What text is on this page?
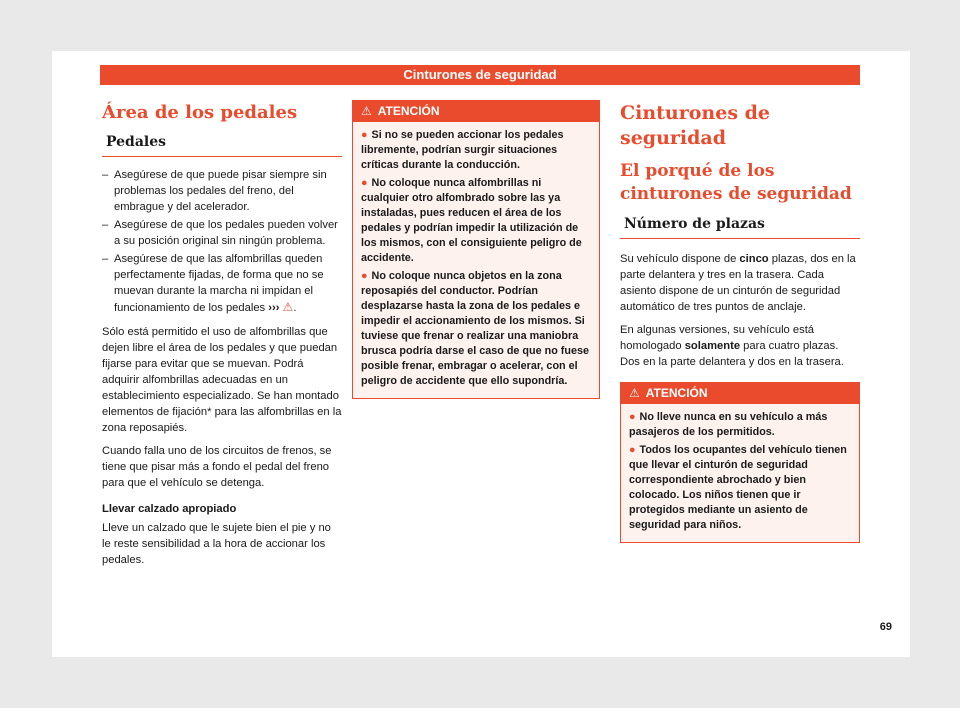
Cinturones de seguridad
Área de los pedales
Pedales
– Asegúrese de que puede pisar siempre sin problemas los pedales del freno, del embrague y del acelerador.
– Asegúrese de que los pedales pueden volver a su posición original sin ningún problema.
– Asegúrese de que las alfombrillas queden perfectamente fijadas, de forma que no se muevan durante la marcha ni impidan el funcionamiento de los pedales ››› ⚠.

Sólo está permitido el uso de alfombrillas que dejen libre el área de los pedales y que puedan fijarse para evitar que se muevan. Podrá adquirir alfombrillas adecuadas en un establecimiento especializado. Se han montado elementos de fijación* para las alfombrillas en la zona reposapiés.

Cuando falla uno de los circuitos de frenos, se tiene que pisar más a fondo el pedal del freno para que el vehículo se detenga.

Llevar calzado apropiado

Lleve un calzado que le sujete bien el pie y no le reste sensibilidad a la hora de accionar los pedales.

⚠ ATENCIÓN

● Si no se pueden accionar los pedales libremente, podrían surgir situaciones críticas durante la conducción.

● No coloque nunca alfombrillas ni cualquier otro alfombrado sobre las ya instaladas, pues reducen el área de los pedales y podrían impedir la utilización de los mismos, con el consiguiente peligro de accidente.

● No coloque nunca objetos en la zona reposapiés del conductor. Podrían desplazarse hasta la zona de los pedales e impedir el accionamiento de los mismos. Si tuviese que frenar o realizar una maniobra brusca podría darse el caso de que no fuese posible frenar, embragar o acelerar, con el peligro de accidente que ello supondría.

Cinturones de seguridad
El porqué de los cinturones de seguridad
Número de plazas

Su vehículo dispone de cinco plazas, dos en la parte delantera y tres en la trasera. Cada asiento dispone de un cinturón de seguridad automático de tres puntos de anclaje.

En algunas versiones, su vehículo está homologado solamente para cuatro plazas. Dos en la parte delantera y dos en la trasera.

⚠ ATENCIÓN

● No lleve nunca en su vehículo a más pasajeros de los permitidos.

● Todos los ocupantes del vehículo tienen que llevar el cinturón de seguridad correspondiente abrochado y bien colocado. Los niños tienen que ir protegidos mediante un asiento de seguridad para niños.

69
